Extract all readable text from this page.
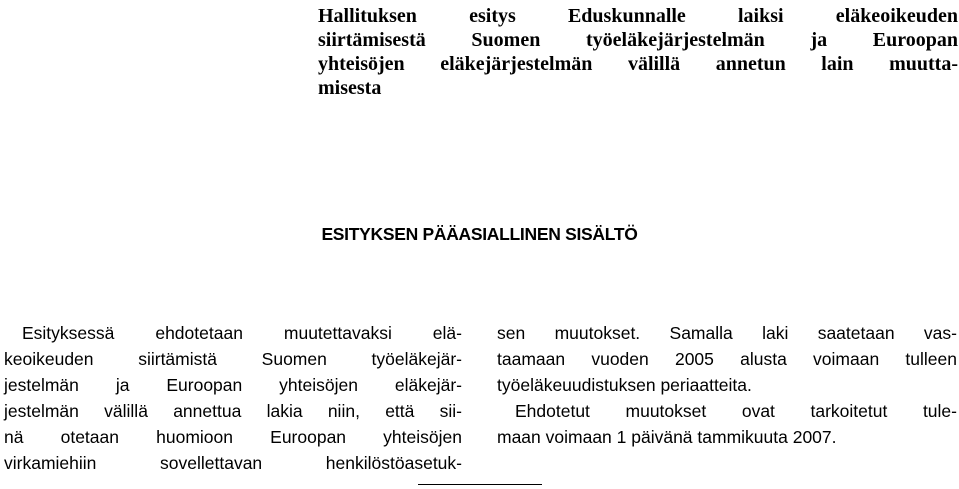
Hallituksen esitys Eduskunnalle laiksi eläkeoikeuden
siirtämisestä Suomen työeläkejärjestelmän ja Euroopan
yhteisöjen eläkejärjestelmän välillä annetun lain muutta-
misesta
ESITYKSEN PÄÄASIALLINEN SISÄLTÖ
Esityksessä ehdotetaan muutettavaksi elä-
keoikeuden siirtämistä Suomen työeläkejär-
jestelmän ja Euroopan yhteisöjen eläkejär-
jestelmän välillä annettua lakia niin, että sii-
nä otetaan huomioon Euroopan yhteisöjen
virkamiehiin sovellettavan henkilöstöasetuk-
sen muutokset. Samalla laki saatetaan vas-
taamaan vuoden 2005 alusta voimaan tulleen
työeläkeuudistuksen periaatteita.
Ehdotetut muutokset ovat tarkoitetut tule-
maan voimaan 1 päivänä tammikuuta 2007.
